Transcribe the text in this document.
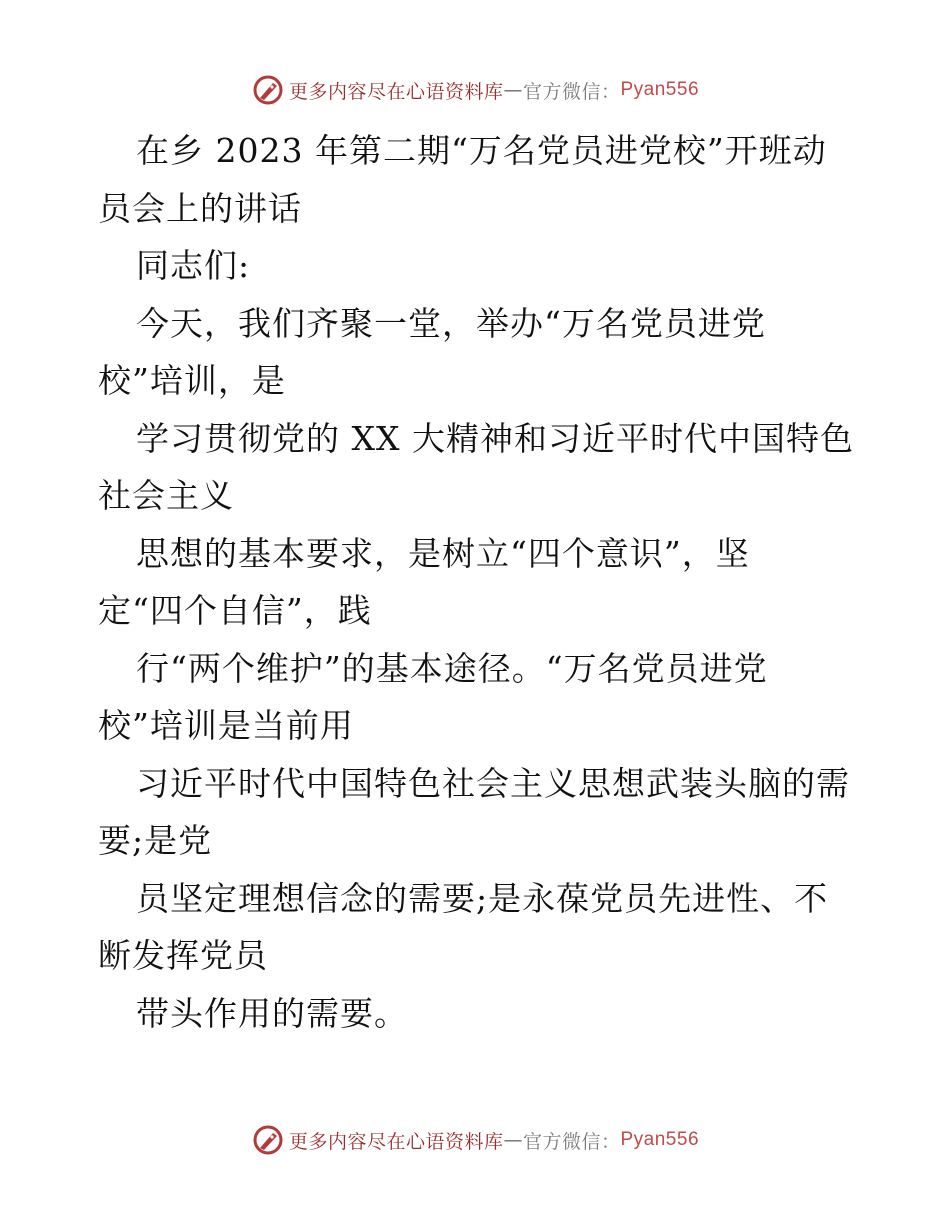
更多内容尽在心语资料库 — 官方微信： Pyan556
在乡 2023 年第二期“万名党员进党校”开班动
员会上的讲话
同志们:
今天，我们齐聚一堂，举办“万名党员进党
校”培训，是
学习贯彻党的 XX 大精神和习近平时代中国特色
社会主义
思想的基本要求，是树立“四个意识”，坚
定“四个自信”，践
行“两个维护”的基本途径。“万名党员进党
校”培训是当前用
习近平时代中国特色社会主义思想武装头脑的需
要;是党
员坚定理想信念的需要;是永葆党员先进性、不
断发挥党员
带头作用的需要。
更多内容尽在心语资料库 — 官方微信： Pyan556
